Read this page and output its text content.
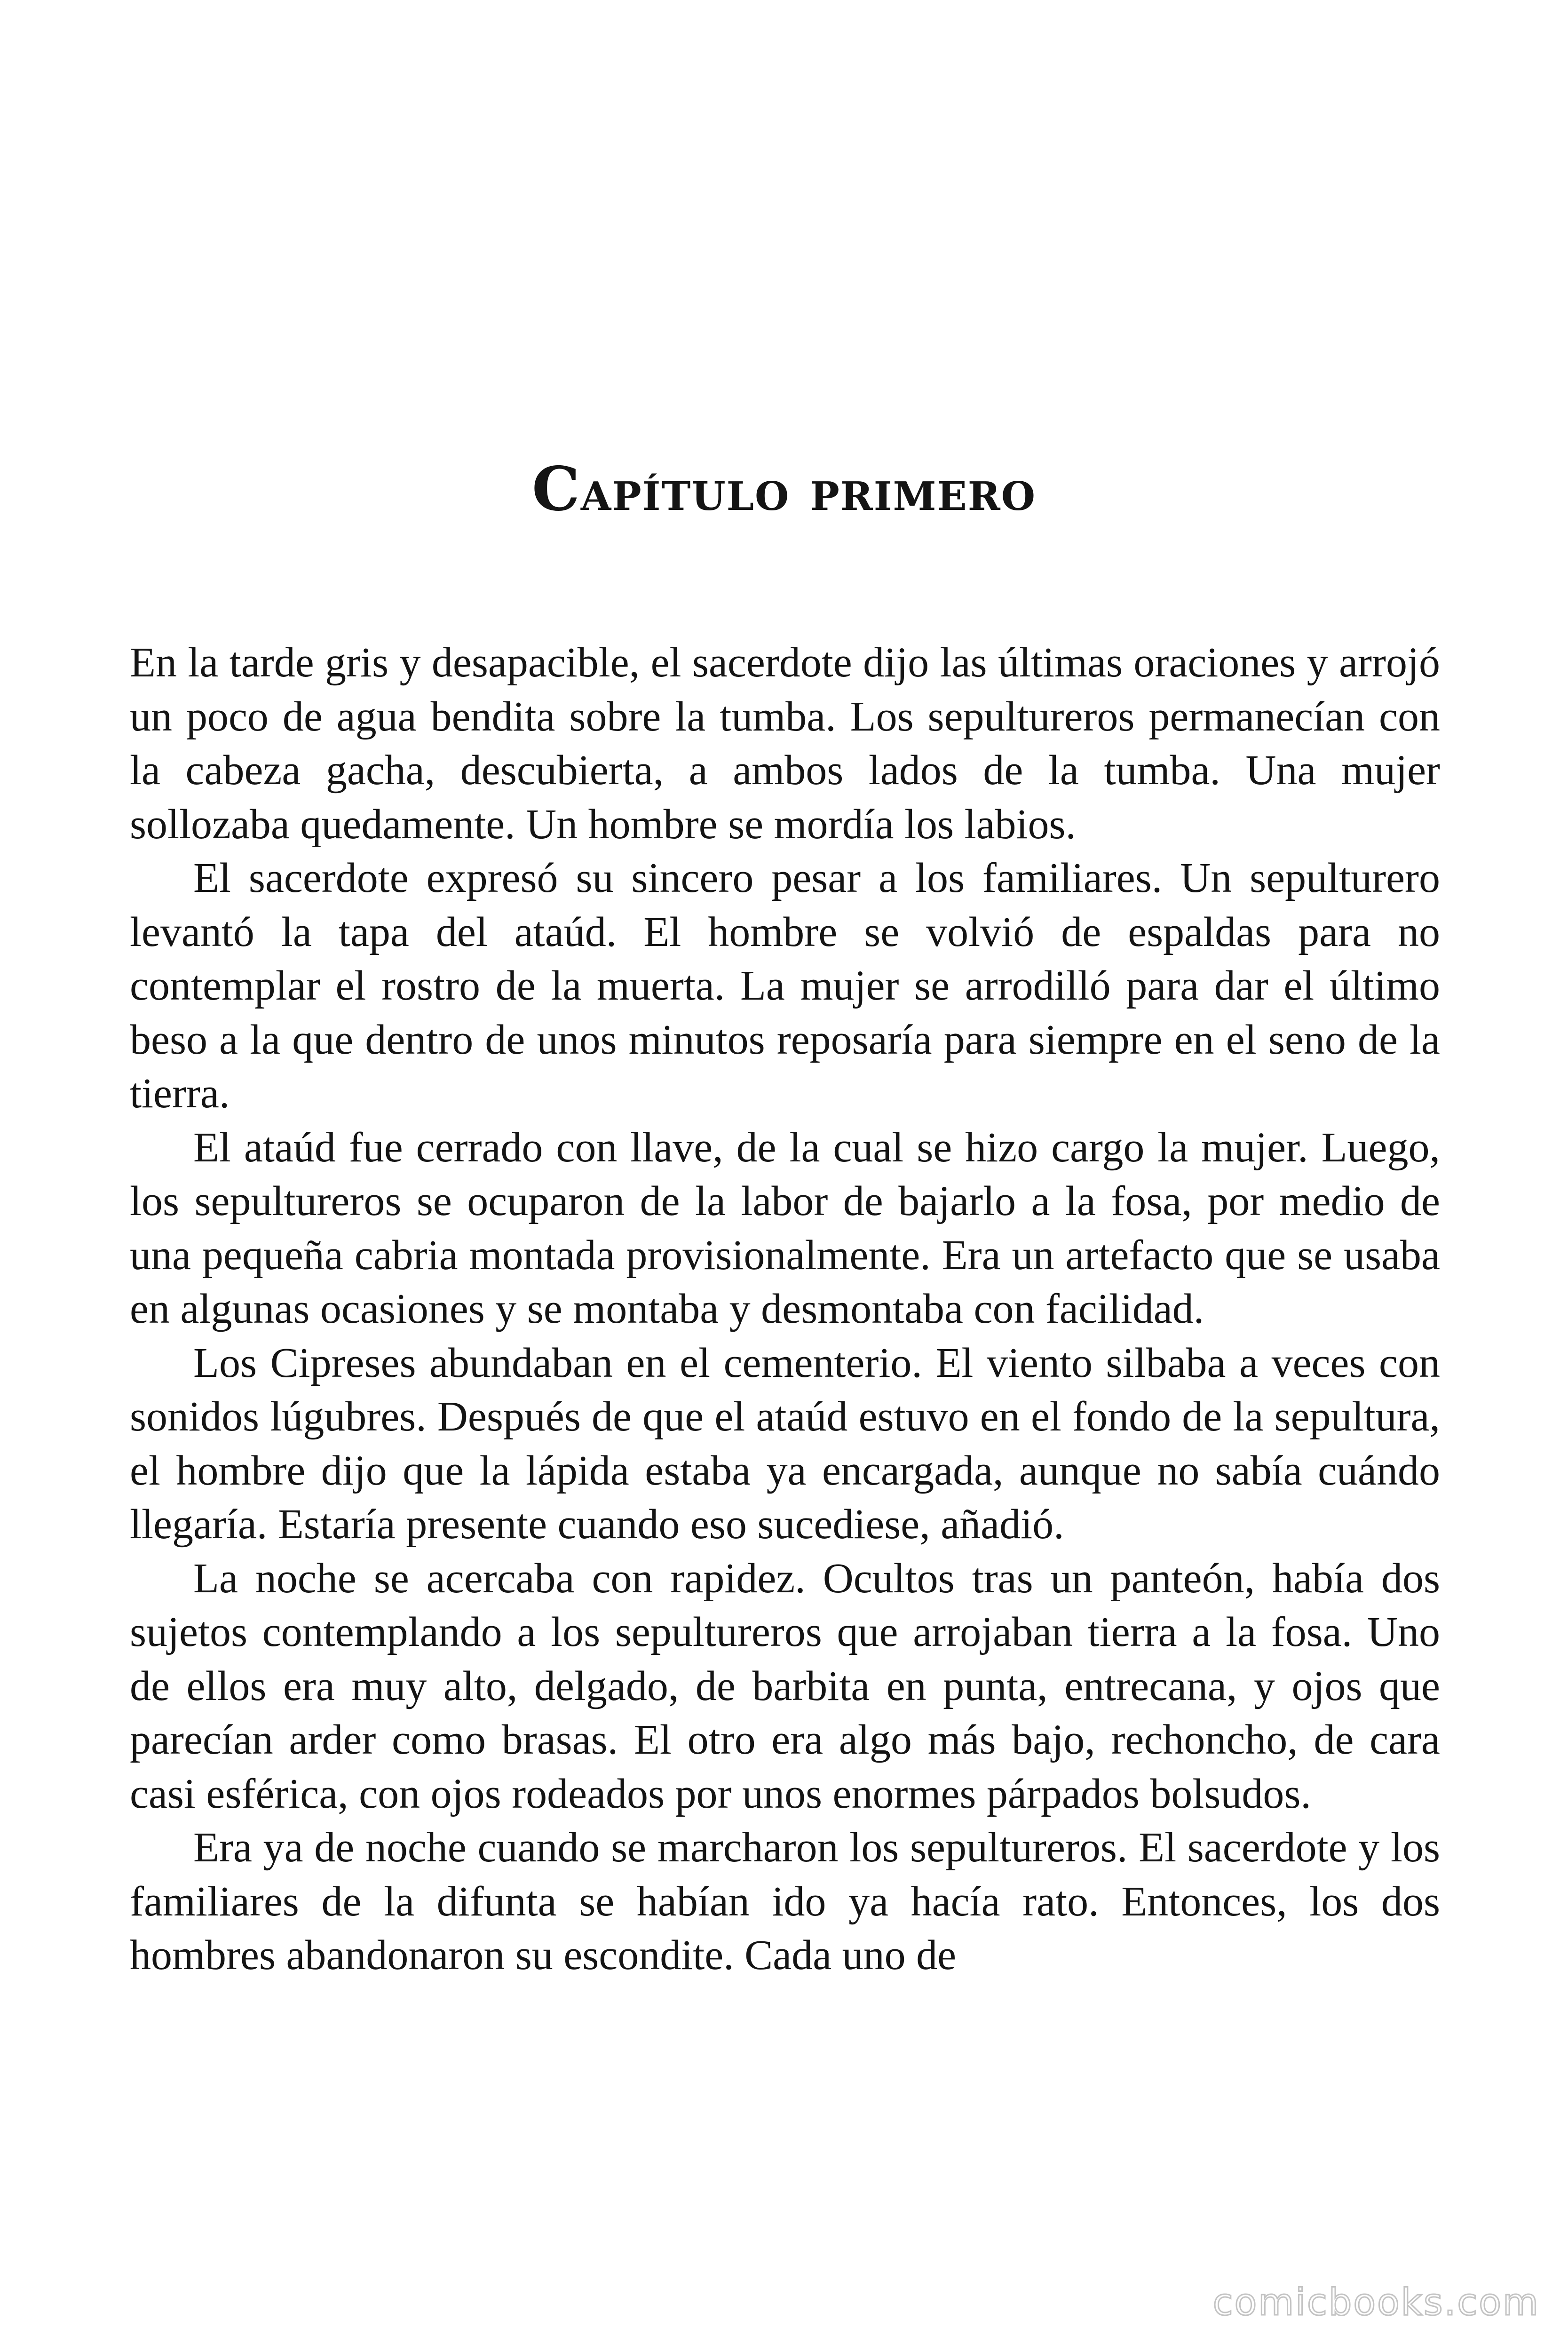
Capítulo primero

En la tarde gris y desapacible, el sacerdote dijo las últimas oraciones y arrojó un poco de agua bendita sobre la tumba. Los sepultureros permanecían con la cabeza gacha, descubierta, a ambos lados de la tumba. Una mujer sollozaba quedamente. Un hombre se mordía los labios.

El sacerdote expresó su sincero pesar a los familiares. Un sepulturero levantó la tapa del ataúd. El hombre se volvió de espaldas para no contemplar el rostro de la muerta. La mujer se arrodilló para dar el último beso a la que dentro de unos minutos reposaría para siempre en el seno de la tierra.

El ataúd fue cerrado con llave, de la cual se hizo cargo la mujer. Luego, los sepultureros se ocuparon de la labor de bajarlo a la fosa, por medio de una pequeña cabria montada provisionalmente. Era un artefacto que se usaba en algunas ocasiones y se montaba y desmontaba con facilidad.

Los Cipreses abundaban en el cementerio. El viento silbaba a veces con sonidos lúgubres. Después de que el ataúd estuvo en el fondo de la sepultura, el hombre dijo que la lápida estaba ya encargada, aunque no sabía cuándo llegaría. Estaría presente cuando eso sucediese, añadió.

La noche se acercaba con rapidez. Ocultos tras un panteón, había dos sujetos contemplando a los sepultureros que arrojaban tierra a la fosa. Uno de ellos era muy alto, delgado, de barbita en punta, entrecana, y ojos que parecían arder como brasas. El otro era algo más bajo, rechoncho, de cara casi esférica, con ojos rodeados por unos enormes párpados bolsudos.

Era ya de noche cuando se marcharon los sepultureros. El sacerdote y los familiares de la difunta se habían ido ya hacía rato. Entonces, los dos hombres abandonaron su escondite. Cada uno de

comicbooks.com
